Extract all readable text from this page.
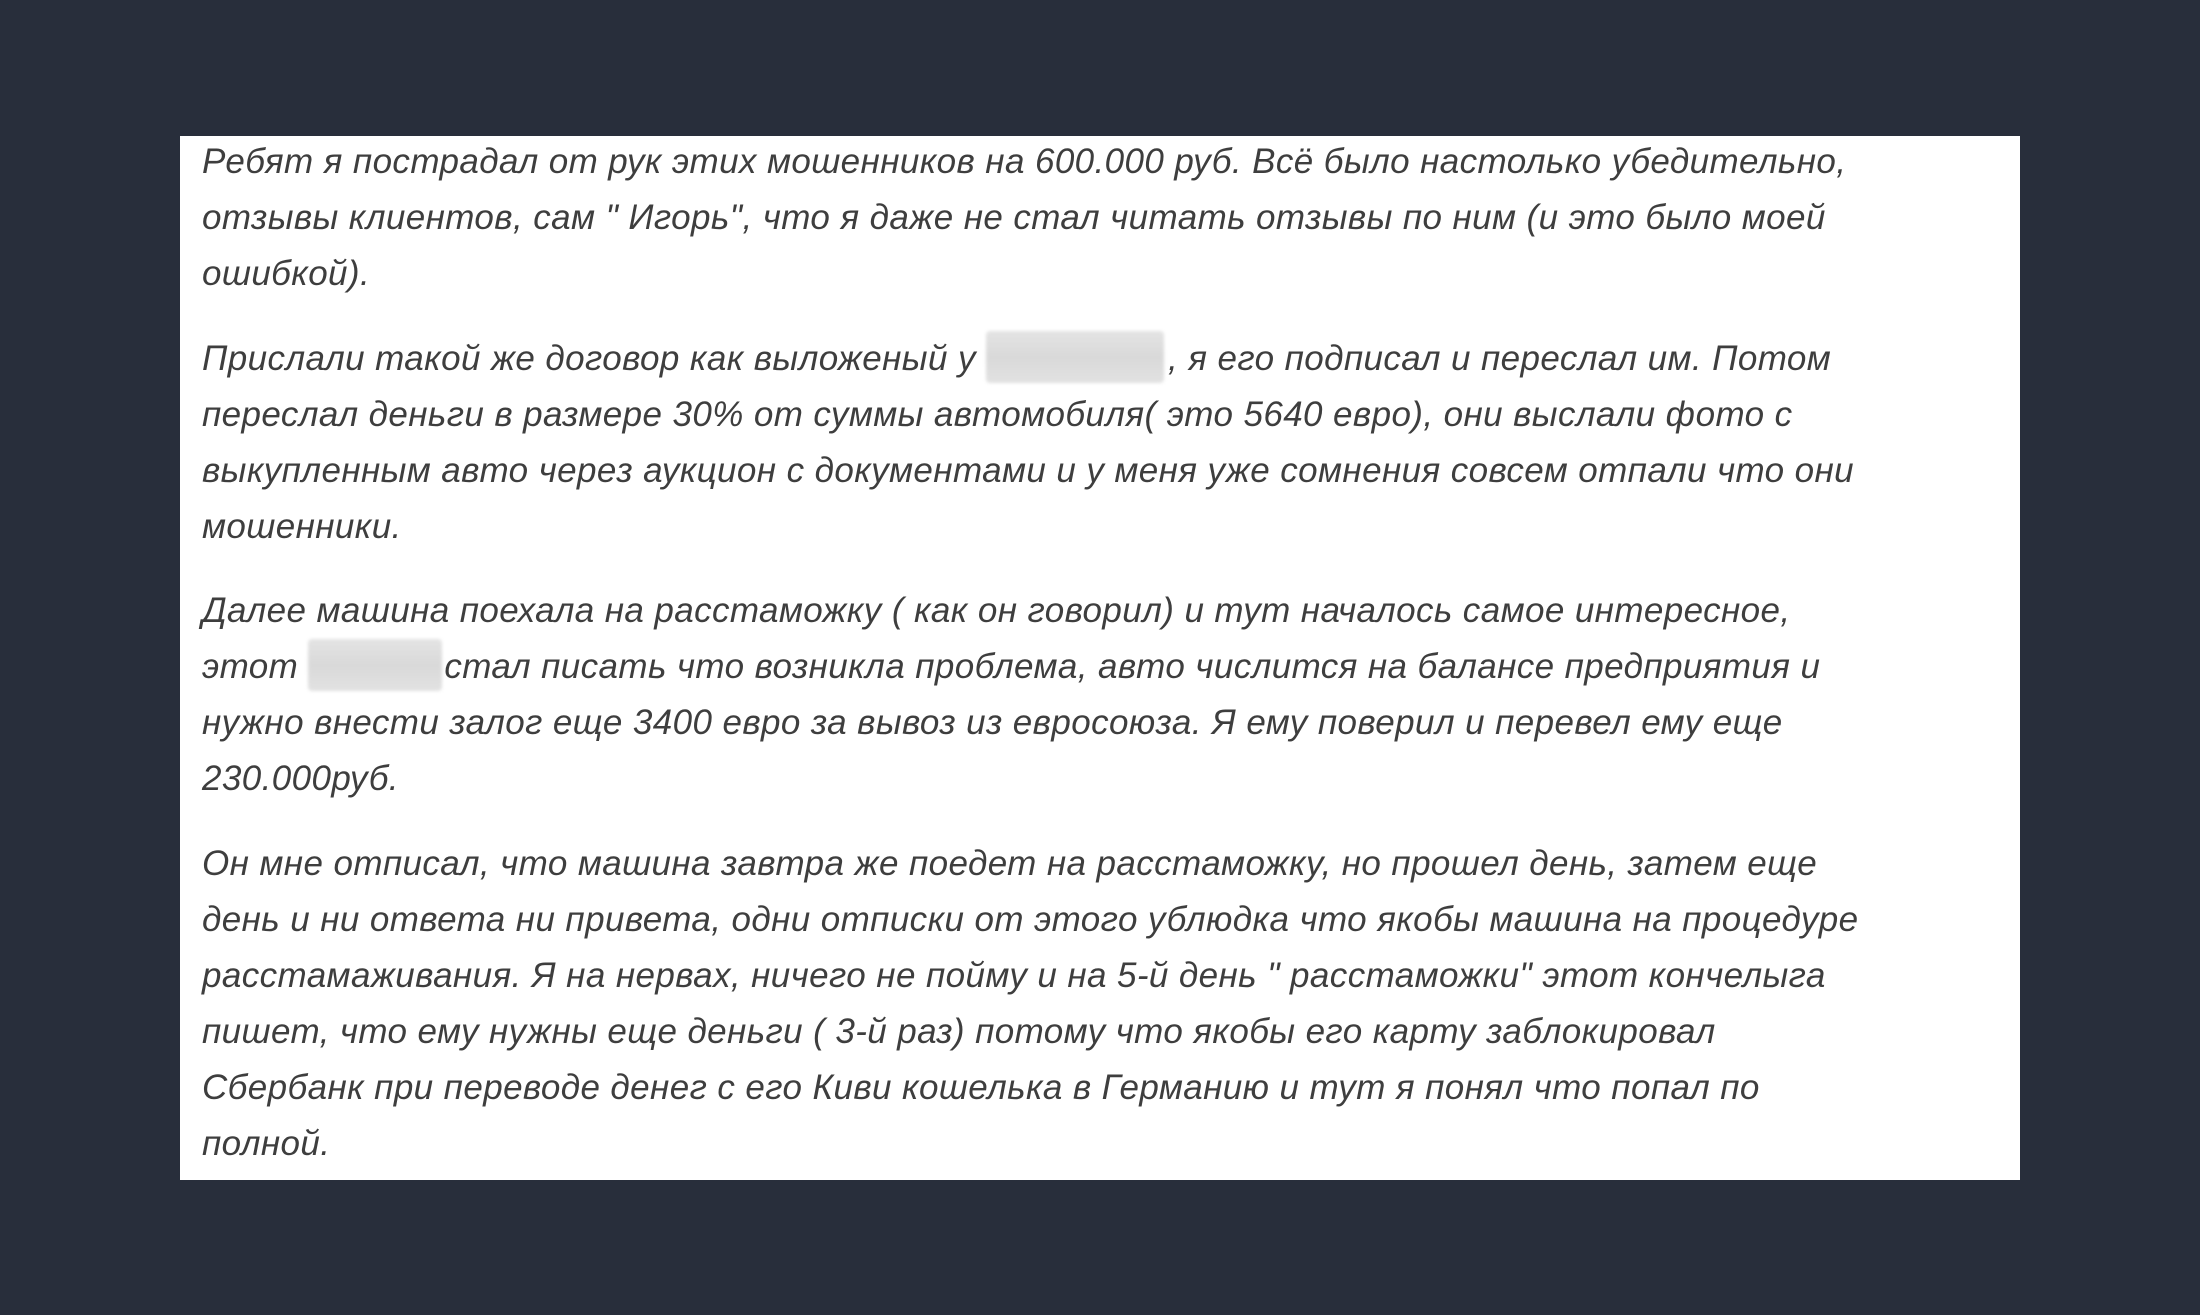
Ребят я пострадал от рук этих мошенников на 600.000 руб. Всё было настолько убедительно,
отзывы клиентов, сам " Игорь", что я даже не стал читать отзывы по ним (и это было моей
ошибкой).

Прислали такой же договор как выложеный у	, я его подписал и переслал им. Потом
переслал деньги в размере 30% от суммы автомобиля( это 5640 евро), они выслали фото с
выкупленным авто через аукцион с документами и у меня уже сомнения совсем отпали что они
мошенники.

Далее машина поехала на расстаможку ( как он говорил) и тут началось самое интересное,
этот	стал писать что возникла проблема, авто числится на балансе предприятия и
нужно внести залог еще 3400 евро за вывоз из евросоюза. Я ему поверил и перевел ему еще
230.000руб.

Он мне отписал, что машина завтра же поедет на расстаможку, но прошел день, затем еще
день и ни ответа ни привета, одни отписки от этого ублюдка что якобы машина на процедуре
расстамаживания. Я на нервах, ничего не пойму и на 5-й день " расстаможки" этот кончелыга
пишет, что ему нужны еще деньги ( 3-й раз) потому что якобы его карту заблокировал
Сбербанк при переводе денег с его Киви кошелька в Германию и тут я понял что попал по
полной.
